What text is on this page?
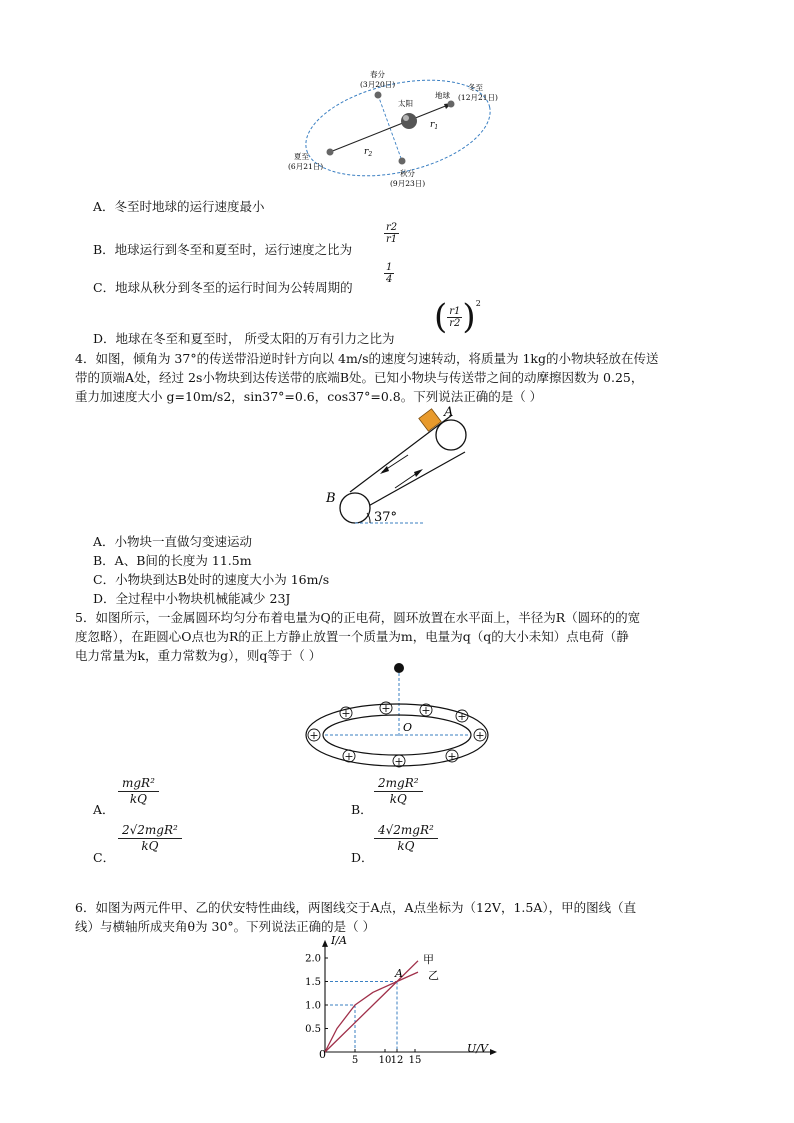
春分
(3月20日)
太阳
地球
冬至
(12月21日)
夏至
(6月21日)
秋分
(9月23日)
$r_1$
$r_2$
A．冬至时地球的运行速度最小
B．地球运行到冬至和夏至时，运行速度之比为
$\frac{r2}{r1}$
C．地球从秋分到冬至的运行时间为公转周期的
$\frac{1}{4}$
D．地球在冬至和夏至时， 所受太阳的万有引力之比为
( $\frac{r1}{r2}$ ) 2
4．如图，倾角为 37°的传送带沿逆时针方向以 4m/s的速度匀速转动，将质量为 1kg的小物块轻放在传送
带的顶端A处，经过 2s小物块到达传送带的底端B处。已知小物块与传送带之间的动摩擦因数为 0.25，
重力加速度大小 g=10m/s2，sin37°=0.6，cos37°=0.8。下列说法正确的是（ ）
37°
A
B
A．小物块一直做匀变速运动
B．A、B间的长度为 11.5m
C．小物块到达B处时的速度大小为 16m/s
D．全过程中小物块机械能减少 23J
5．如图所示，一金属圆环均匀分布着电量为Q的正电荷，圆环放置在水平面上，半径为R（圆环的的宽
度忽略），在距圆心O点也为R的正上方静止放置一个质量为m，电量为q（q的大小未知）点电荷（静
电力常量为k，重力常数为g），则q等于（ ）
O
+
+	+	+ +
+
+	+	+
A．
mgR²
kQ
B．
2mgR²
kQ
C．
2√2mgR²
kQ
D．
4√2mgR²
kQ
6．如图为两元件甲、乙的伏安特性曲线，两图线交于A点，A点坐标为（12V，1.5A），甲的图线（直
线）与横轴所成夹角θ为 30°。下列说法正确的是（ ）
5 10 12 15
0.5
1.0
1.5
2.0
I/A
U/V
0
A
甲
乙
